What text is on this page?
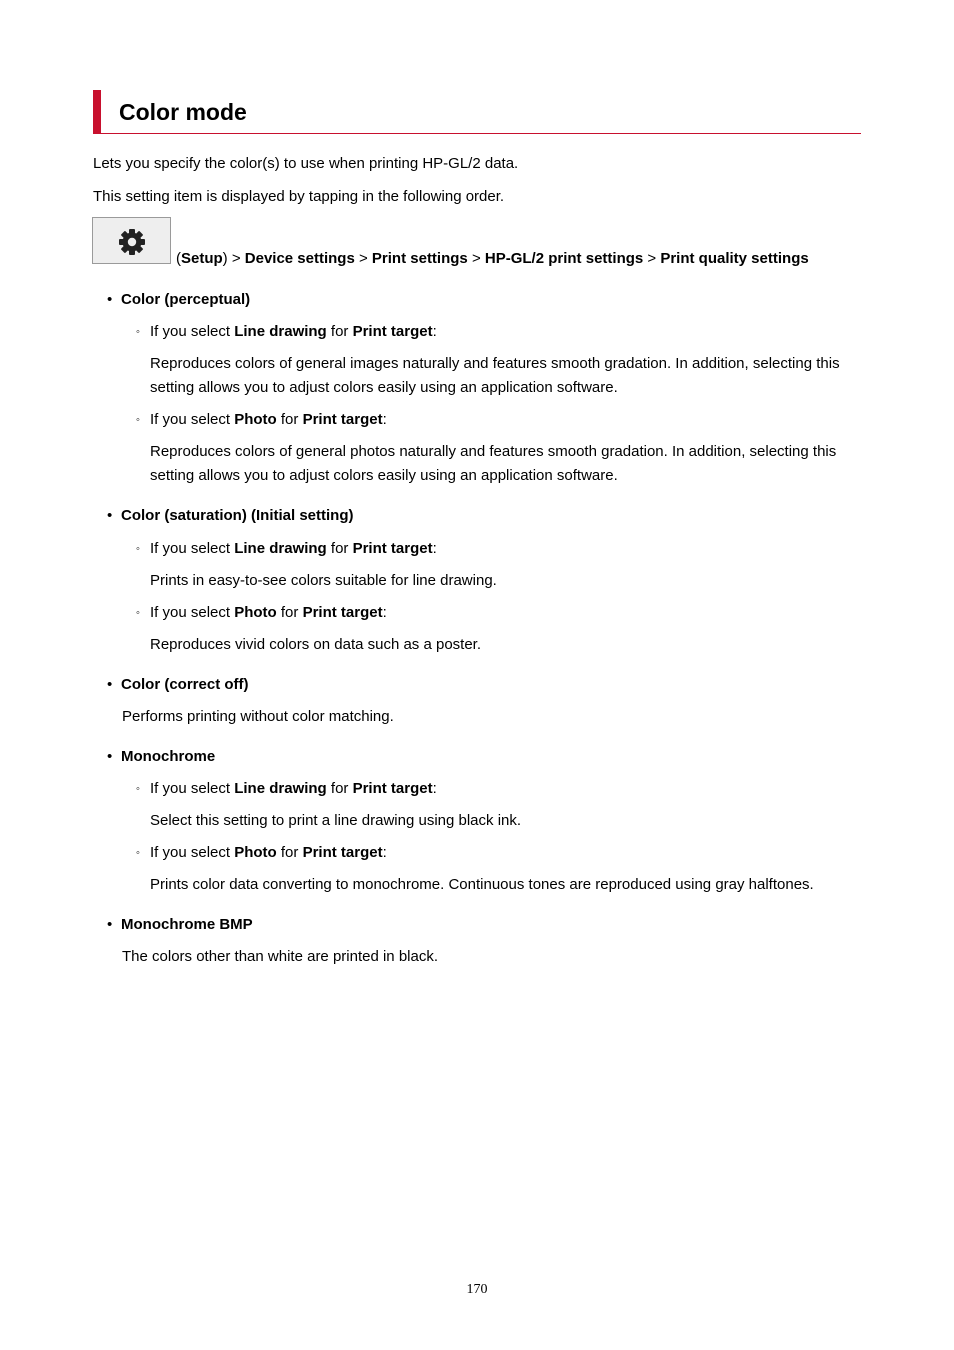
Color mode

Lets you specify the color(s) to use when printing HP-GL/2 data.

This setting item is displayed by tapping in the following order.

(Setup) > Device settings > Print settings > HP-GL/2 print settings > Print quality settings
• Color (perceptual)
◦ If you select Line drawing for Print target:

Reproduces colors of general images naturally and features smooth gradation. In addition, selecting this setting allows you to adjust colors easily using an application software.

◦ If you select Photo for Print target:

Reproduces colors of general photos naturally and features smooth gradation. In addition, selecting this setting allows you to adjust colors easily using an application software.

• Color (saturation) (Initial setting)
◦ If you select Line drawing for Print target:

Prints in easy-to-see colors suitable for line drawing.

◦ If you select Photo for Print target:

Reproduces vivid colors on data such as a poster.

• Color (correct off)

Performs printing without color matching.

• Monochrome
◦ If you select Line drawing for Print target:

Select this setting to print a line drawing using black ink.

◦ If you select Photo for Print target:

Prints color data converting to monochrome. Continuous tones are reproduced using gray halftones.

• Monochrome BMP

The colors other than white are printed in black.

170
